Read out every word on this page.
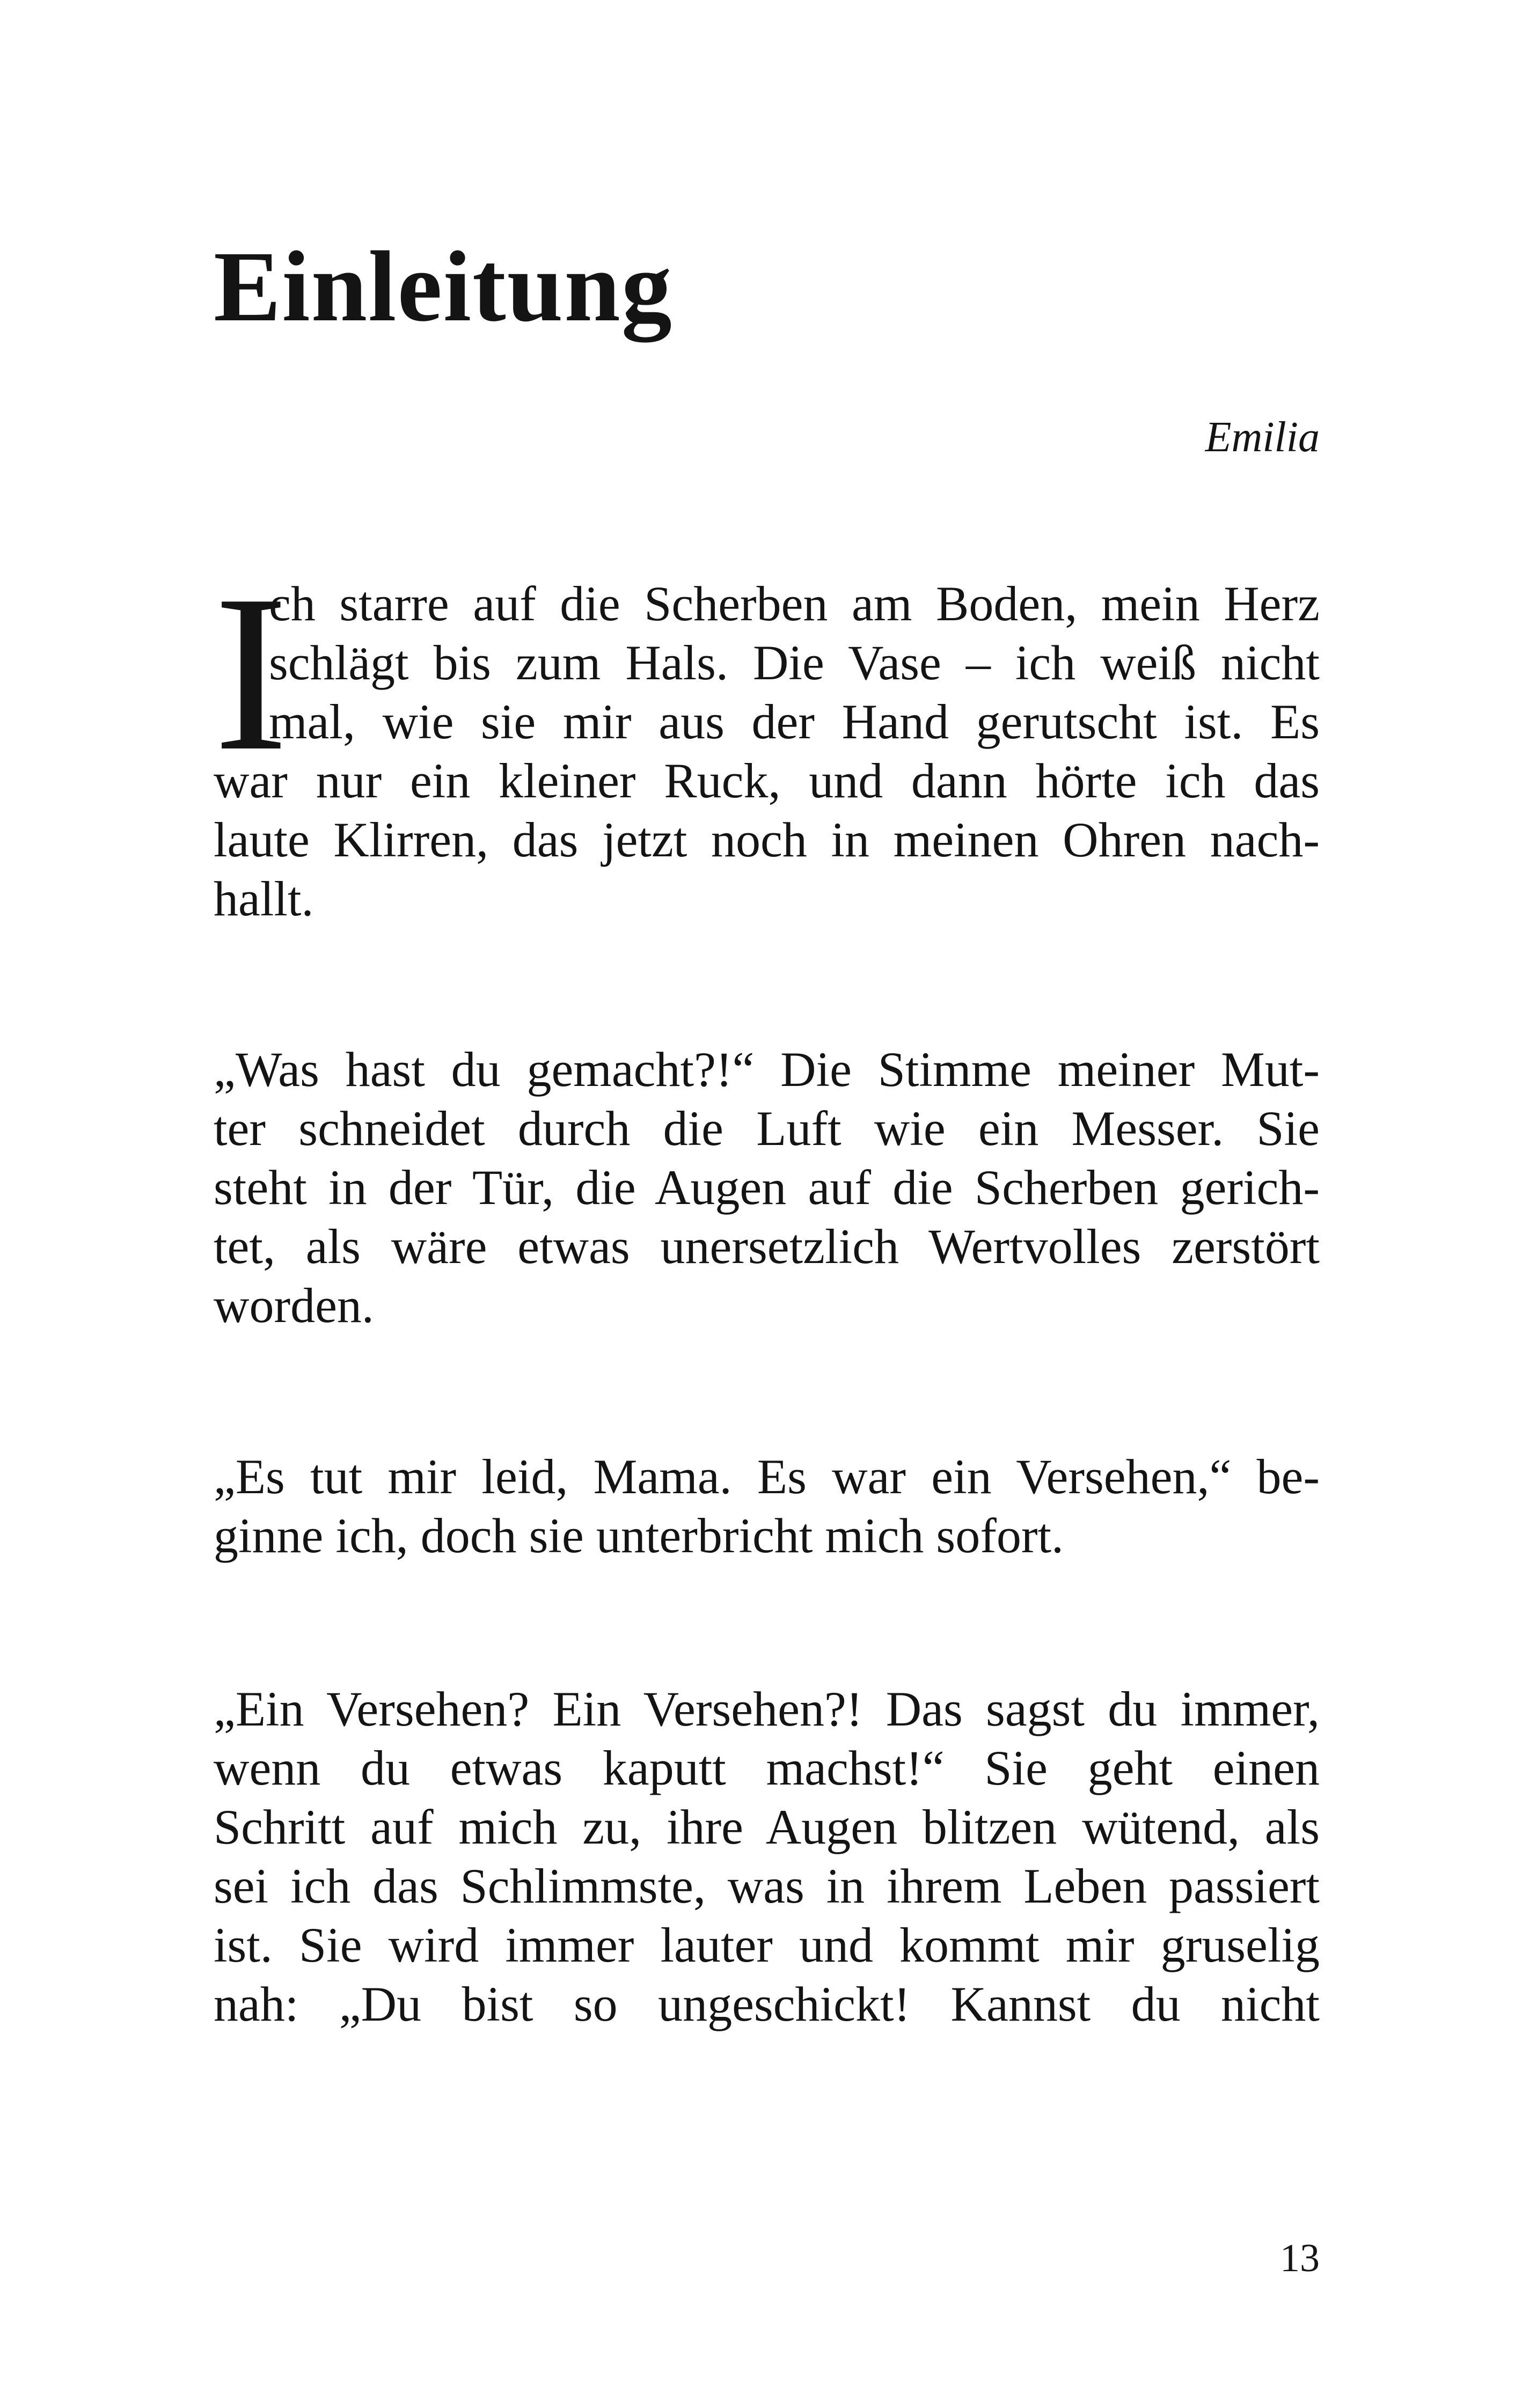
Einleitung
Emilia
I
ch starre auf die Scherben am Boden, mein Herz
schlägt bis zum Hals. Die Vase – ich weiß nicht
mal, wie sie mir aus der Hand gerutscht ist. Es
war nur ein kleiner Ruck, und dann hörte ich das
laute Klirren, das jetzt noch in meinen Ohren nach-
hallt.
„Was hast du gemacht?!“ Die Stimme meiner Mut-
ter schneidet durch die Luft wie ein Messer. Sie
steht in der Tür, die Augen auf die Scherben gerich-
tet, als wäre etwas unersetzlich Wertvolles zerstört
worden.
„Es tut mir leid, Mama. Es war ein Versehen,“ be-
ginne ich, doch sie unterbricht mich sofort.
„Ein Versehen? Ein Versehen?! Das sagst du immer,
wenn du etwas kaputt machst!“ Sie geht einen
Schritt auf mich zu, ihre Augen blitzen wütend, als
sei ich das Schlimmste, was in ihrem Leben passiert
ist. Sie wird immer lauter und kommt mir gruselig
nah: „Du bist so ungeschickt! Kannst du nicht
13
